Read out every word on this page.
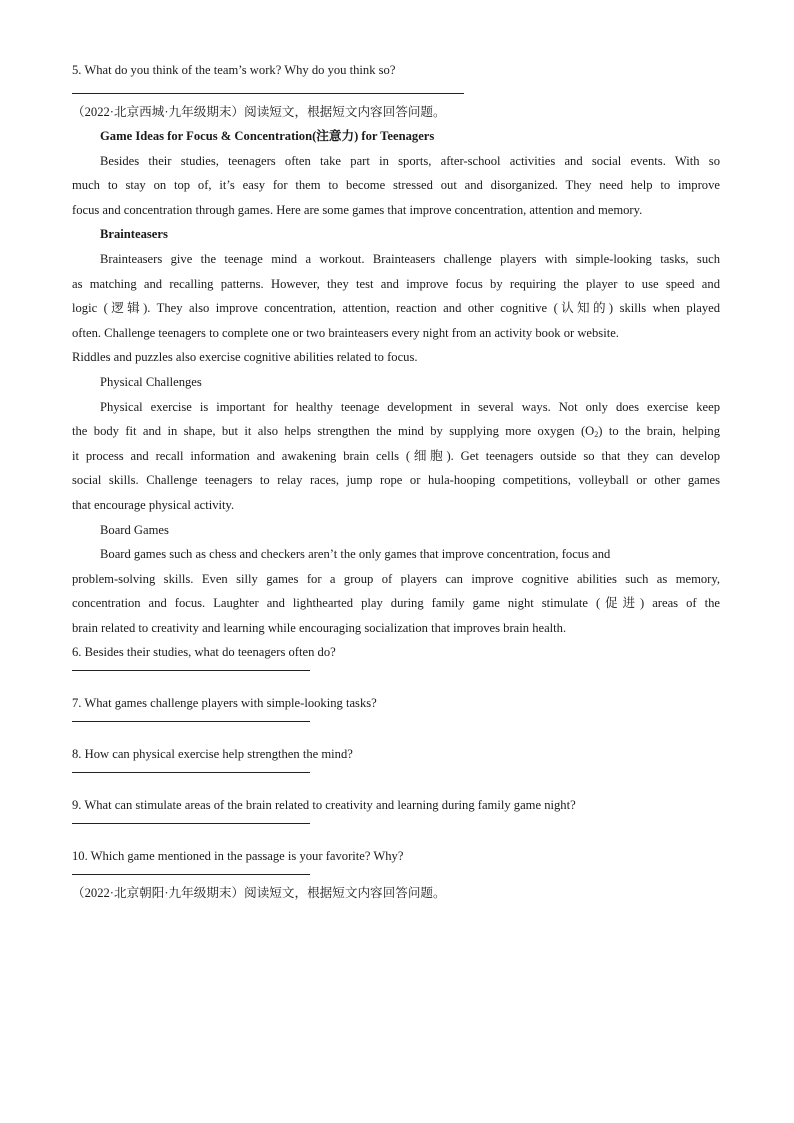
5. What do you think of the team’s work? Why do you think so?
（2022·北京西城·九年级期末）阅读短文，根据短文内容回答问题。
Game Ideas for Focus & Concentration(注意力) for Teenagers
Besides their studies, teenagers often take part in sports, after-school activities and social events. With so
much to stay on top of, it’s easy for them to become stressed out and disorganized. They need help to improve
focus and concentration through games. Here are some games that improve concentration, attention and memory.
Brainteasers
Brainteasers give the teenage mind a workout. Brainteasers challenge players with simple-looking tasks, such
as matching and recalling patterns. However, they test and improve focus by requiring the player to use speed and
logic (逻辑). They also improve concentration, attention, reaction and other cognitive (认知的) skills when played
often. Challenge teenagers to complete one or two brainteasers every night from an activity book or website.
Riddles and puzzles also exercise cognitive abilities related to focus.
Physical Challenges
Physical exercise is important for healthy teenage development in several ways. Not only does exercise keep
the body fit and in shape, but it also helps strengthen the mind by supplying more oxygen $(O_2)$ to the brain, helping
it process and recall information and awakening brain cells (细胞). Get teenagers outside so that they can develop
social skills. Challenge teenagers to relay races, jump rope or hula-hooping competitions, volleyball or other games
that encourage physical activity.
Board Games
Board games such as chess and checkers aren’t the only games that improve concentration, focus and
problem-solving skills. Even silly games for a group of players can improve cognitive abilities such as memory,
concentration and focus. Laughter and lighthearted play during family game night stimulate (促进) areas of the
brain related to creativity and learning while encouraging socialization that improves brain health.
6. Besides their studies, what do teenagers often do?
7. What games challenge players with simple-looking tasks?
8. How can physical exercise help strengthen the mind?
9. What can stimulate areas of the brain related to creativity and learning during family game night?
10. Which game mentioned in the passage is your favorite? Why?
（2022·北京朝阳·九年级期末）阅读短文，根据短文内容回答问题。
